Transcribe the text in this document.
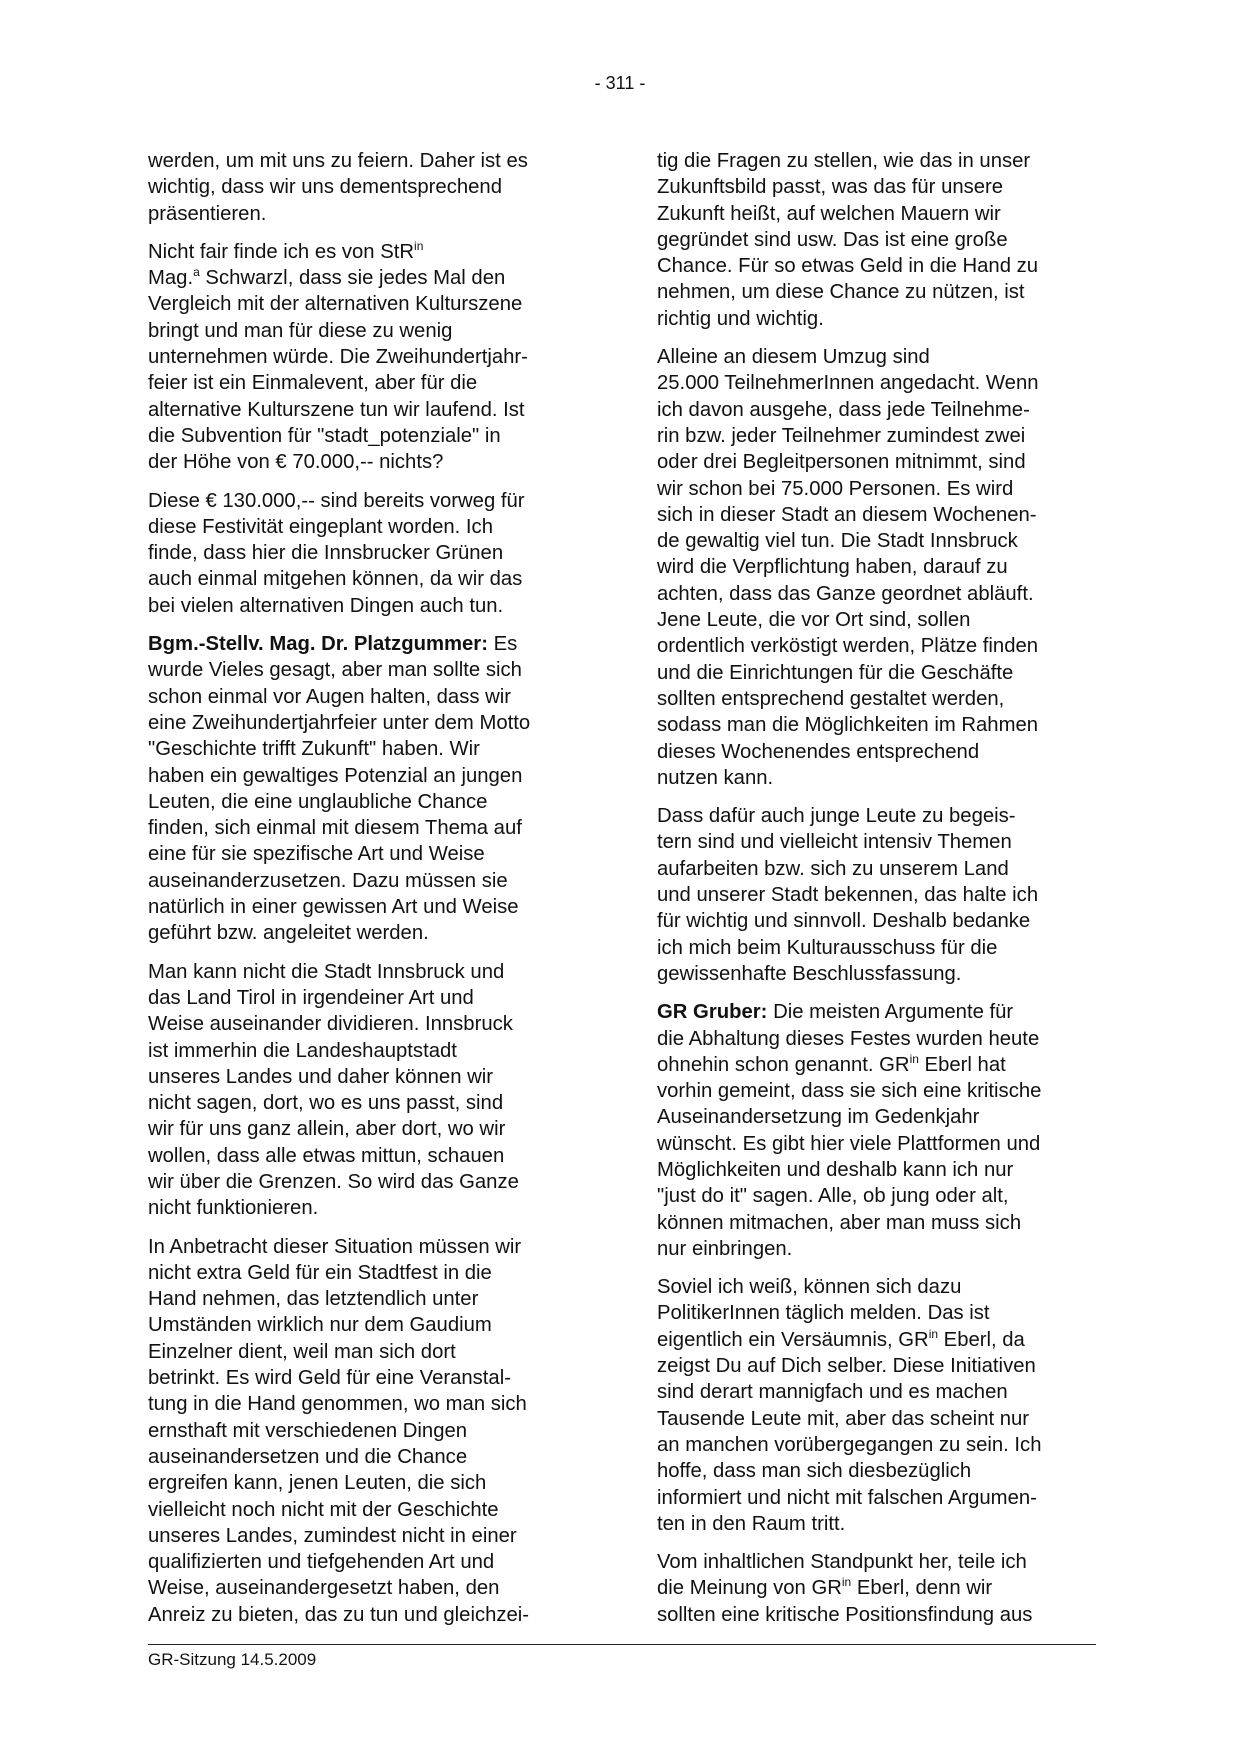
- 311 -

werden, um mit uns zu feiern. Daher ist es
wichtig, dass wir uns dementsprechend
präsentieren.

Nicht fair finde ich es von StR$^{in}$
Mag.$^a$ Schwarzl, dass sie jedes Mal den
Vergleich mit der alternativen Kulturszene
bringt und man für diese zu wenig
unternehmen würde. Die Zweihundertjahr-
feier ist ein Einmalevent, aber für die
alternative Kulturszene tun wir laufend. Ist
die Subvention für "stadt_potenziale" in
der Höhe von € 70.000,-- nichts?

Diese € 130.000,-- sind bereits vorweg für
diese Festivität eingeplant worden. Ich
finde, dass hier die Innsbrucker Grünen
auch einmal mitgehen können, da wir das
bei vielen alternativen Dingen auch tun.

Bgm.-Stellv. Mag. Dr. Platzgummer: Es
wurde Vieles gesagt, aber man sollte sich
schon einmal vor Augen halten, dass wir
eine Zweihundertjahrfeier unter dem Motto
"Geschichte trifft Zukunft" haben. Wir
haben ein gewaltiges Potenzial an jungen
Leuten, die eine unglaubliche Chance
finden, sich einmal mit diesem Thema auf
eine für sie spezifische Art und Weise
auseinanderzusetzen. Dazu müssen sie
natürlich in einer gewissen Art und Weise
geführt bzw. angeleitet werden.

Man kann nicht die Stadt Innsbruck und
das Land Tirol in irgendeiner Art und
Weise auseinander dividieren. Innsbruck
ist immerhin die Landeshauptstadt
unseres Landes und daher können wir
nicht sagen, dort, wo es uns passt, sind
wir für uns ganz allein, aber dort, wo wir
wollen, dass alle etwas mittun, schauen
wir über die Grenzen. So wird das Ganze
nicht funktionieren.

In Anbetracht dieser Situation müssen wir
nicht extra Geld für ein Stadtfest in die
Hand nehmen, das letztendlich unter
Umständen wirklich nur dem Gaudium
Einzelner dient, weil man sich dort
betrinkt. Es wird Geld für eine Veranstal-
tung in die Hand genommen, wo man sich
ernsthaft mit verschiedenen Dingen
auseinandersetzen und die Chance
ergreifen kann, jenen Leuten, die sich
vielleicht noch nicht mit der Geschichte
unseres Landes, zumindest nicht in einer
qualifizierten und tiefgehenden Art und
Weise, auseinandergesetzt haben, den
Anreiz zu bieten, das zu tun und gleichzei-

tig die Fragen zu stellen, wie das in unser
Zukunftsbild passt, was das für unsere
Zukunft heißt, auf welchen Mauern wir
gegründet sind usw. Das ist eine große
Chance. Für so etwas Geld in die Hand zu
nehmen, um diese Chance zu nützen, ist
richtig und wichtig.

Alleine an diesem Umzug sind
25.000 TeilnehmerInnen angedacht. Wenn
ich davon ausgehe, dass jede Teilnehme-
rin bzw. jeder Teilnehmer zumindest zwei
oder drei Begleitpersonen mitnimmt, sind
wir schon bei 75.000 Personen. Es wird
sich in dieser Stadt an diesem Wochenen-
de gewaltig viel tun. Die Stadt Innsbruck
wird die Verpflichtung haben, darauf zu
achten, dass das Ganze geordnet abläuft.
Jene Leute, die vor Ort sind, sollen
ordentlich verköstigt werden, Plätze finden
und die Einrichtungen für die Geschäfte
sollten entsprechend gestaltet werden,
sodass man die Möglichkeiten im Rahmen
dieses Wochenendes entsprechend
nutzen kann.

Dass dafür auch junge Leute zu begeis-
tern sind und vielleicht intensiv Themen
aufarbeiten bzw. sich zu unserem Land
und unserer Stadt bekennen, das halte ich
für wichtig und sinnvoll. Deshalb bedanke
ich mich beim Kulturausschuss für die
gewissenhafte Beschlussfassung.

GR Gruber: Die meisten Argumente für
die Abhaltung dieses Festes wurden heute
ohnehin schon genannt. $GR^{in}$ Eberl hat
vorhin gemeint, dass sie sich eine kritische
Auseinandersetzung im Gedenkjahr
wünscht. Es gibt hier viele Plattformen und
Möglichkeiten und deshalb kann ich nur
"just do it" sagen. Alle, ob jung oder alt,
können mitmachen, aber man muss sich
nur einbringen.

Soviel ich weiß, können sich dazu
PolitikerInnen täglich melden. Das ist
eigentlich ein Versäumnis, $GR^{in}$ Eberl, da
zeigst Du auf Dich selber. Diese Initiativen
sind derart mannigfach und es machen
Tausende Leute mit, aber das scheint nur
an manchen vorübergegangen zu sein. Ich
hoffe, dass man sich diesbezüglich
informiert und nicht mit falschen Argumen-
ten in den Raum tritt.

Vom inhaltlichen Standpunkt her, teile ich
die Meinung von $GR^{in}$ Eberl, denn wir
sollten eine kritische Positionsfindung aus

GR-Sitzung 14.5.2009
